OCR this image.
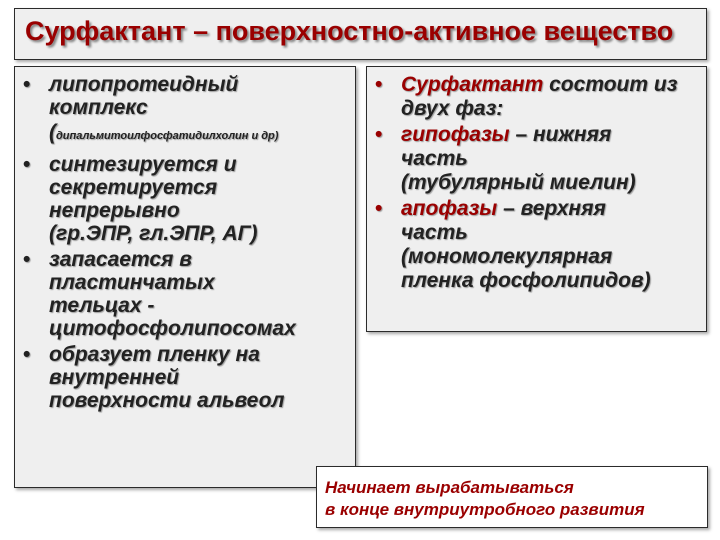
Сурфактант – поверхностно-активное вещество
• липопротеидный
комплекс
(дипальмитоилфосфатидилхолин и др)
• синтезируется и
секретируется
непрерывно
(гр.ЭПР, гл.ЭПР, АГ)
• запасается в
пластинчатых
тельцах -
цитофосфолипосомах
• образует пленку на
внутренней
поверхности альвеол
• Сурфактант состоит из
двух фаз:
• гипофазы – нижняя
часть
(тубулярный миелин)
• апофазы – верхняя
часть
(мономолекулярная
пленка фосфолипидов)
Начинает вырабатываться
в конце внутриутробного развития
